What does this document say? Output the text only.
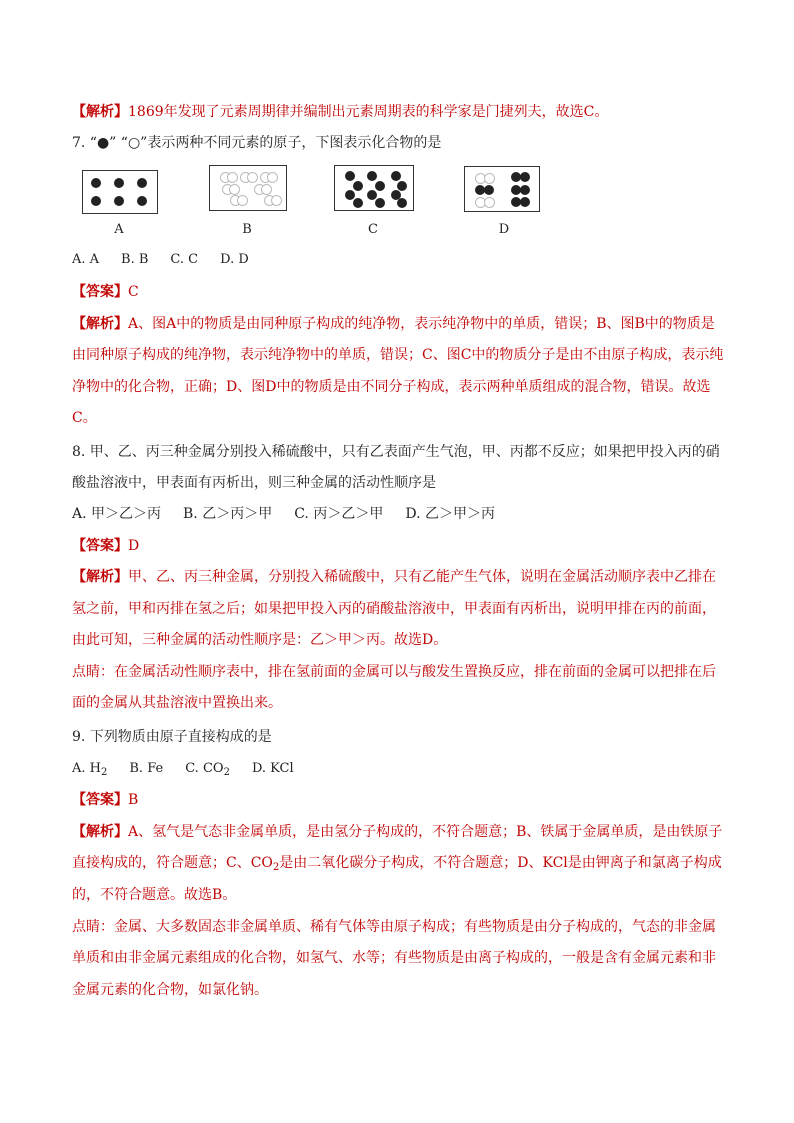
【解析】1869年发现了元素周期律并编制出元素周期表的科学家是门捷列夫，故选C。
7. “●” “○”表示两种不同元素的原子，下图表示化合物的是
A	B	C	D
A. A B. B C. C D. D
【答案】C
【解析】A、图A中的物质是由同种原子构成的纯净物，表示纯净物中的单质，错误；B、图B中的物质是
由同种原子构成的纯净物，表示纯净物中的单质，错误；C、图C中的物质分子是由不由原子构成，表示纯
净物中的化合物，正确；D、图D中的物质是由不同分子构成，表示两种单质组成的混合物，错误。故选
C。
8. 甲、乙、丙三种金属分别投入稀硫酸中，只有乙表面产生气泡，甲、丙都不反应；如果把甲投入丙的硝
酸盐溶液中，甲表面有丙析出，则三种金属的活动性顺序是
A. 甲＞乙＞丙 B. 乙＞丙＞甲 C. 丙＞乙＞甲 D. 乙＞甲＞丙
【答案】D
【解析】甲、乙、丙三种金属，分别投入稀硫酸中，只有乙能产生气体，说明在金属活动顺序表中乙排在
氢之前，甲和丙排在氢之后；如果把甲投入丙的硝酸盐溶液中，甲表面有丙析出，说明甲排在丙的前面，
由此可知，三种金属的活动性顺序是：乙＞甲＞丙。故选D。
点睛：在金属活动性顺序表中，排在氢前面的金属可以与酸发生置换反应，排在前面的金属可以把排在后
面的金属从其盐溶液中置换出来。
9. 下列物质由原子直接构成的是
A. $H_2$ B. Fe C. $CO_2$ D. KCl
【答案】B
【解析】A、氢气是气态非金属单质，是由氢分子构成的，不符合题意；B、铁属于金属单质，是由铁原子
直接构成的，符合题意；C、$CO_2$是由二氧化碳分子构成，不符合题意；D、KCl是由钾离子和氯离子构成
的，不符合题意。故选B。
点睛：金属、大多数固态非金属单质、稀有气体等由原子构成；有些物质是由分子构成的，气态的非金属
单质和由非金属元素组成的化合物，如氢气、水等；有些物质是由离子构成的，一般是含有金属元素和非
金属元素的化合物，如氯化钠。
